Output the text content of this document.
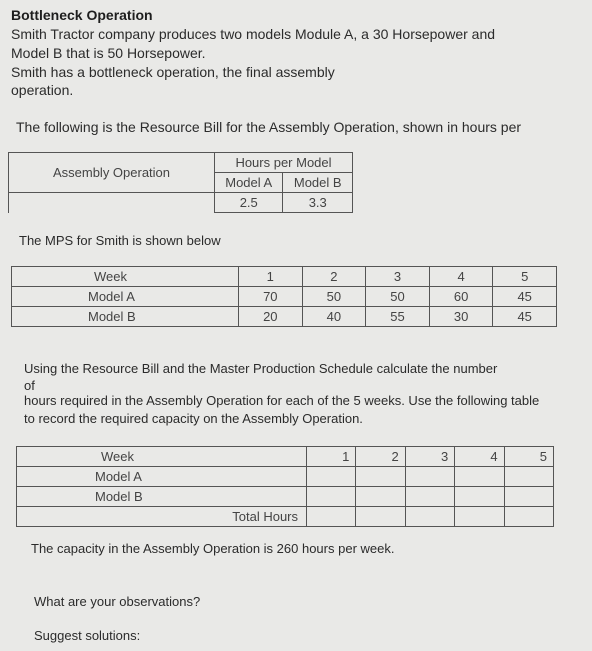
Bottleneck Operation
Smith Tractor company produces two models Module A, a 30 Horsepower and
Model B that is 50 Horsepower.
Smith has a bottleneck operation, the final assembly
operation.
The following is the Resource Bill for the Assembly Operation, shown in hours per
Assembly Operation	Hours per Model	
	Model A	Model B
	2.5	3.3
The MPS for Smith is shown below
Week	1	2	3	4	5
Model A	70	50	50	60	45
Model B	20	40	55	30	45
Using the Resource Bill and the Master Production Schedule calculate the number
of
hours required in the Assembly Operation for each of the 5 weeks. Use the following table
to record the required capacity on the Assembly Operation.
Week	1	2	3	4	5
Model A					
Model B					
Total Hours					
The capacity in the Assembly Operation is 260 hours per week.
What are your observations?
Suggest solutions:
